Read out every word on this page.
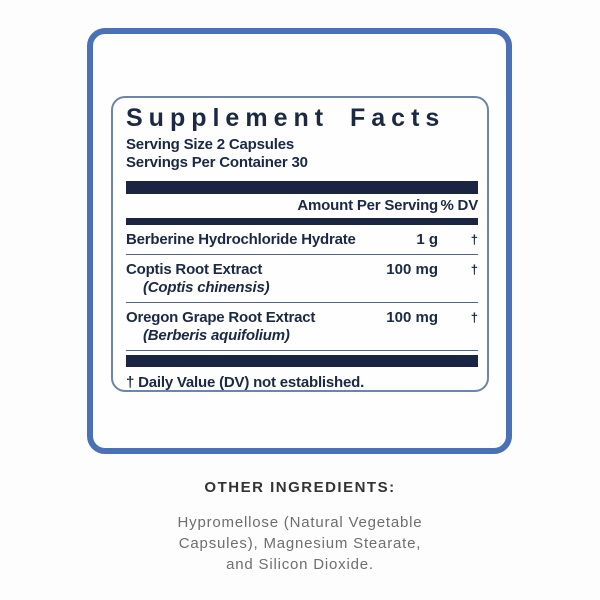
Supplement Facts
Serving Size 2 Capsules
Servings Per Container 30
Amount Per Serving % DV
Berberine Hydrochloride Hydrate	1 g	†
Coptis Root Extract
(Coptis chinensis)
100 mg	†
Oregon Grape Root Extract
(Berberis aquifolium)
100 mg	†
† Daily Value (DV) not established.
OTHER INGREDIENTS:
Hypromellose (Natural Vegetable
Capsules), Magnesium Stearate,
and Silicon Dioxide.
